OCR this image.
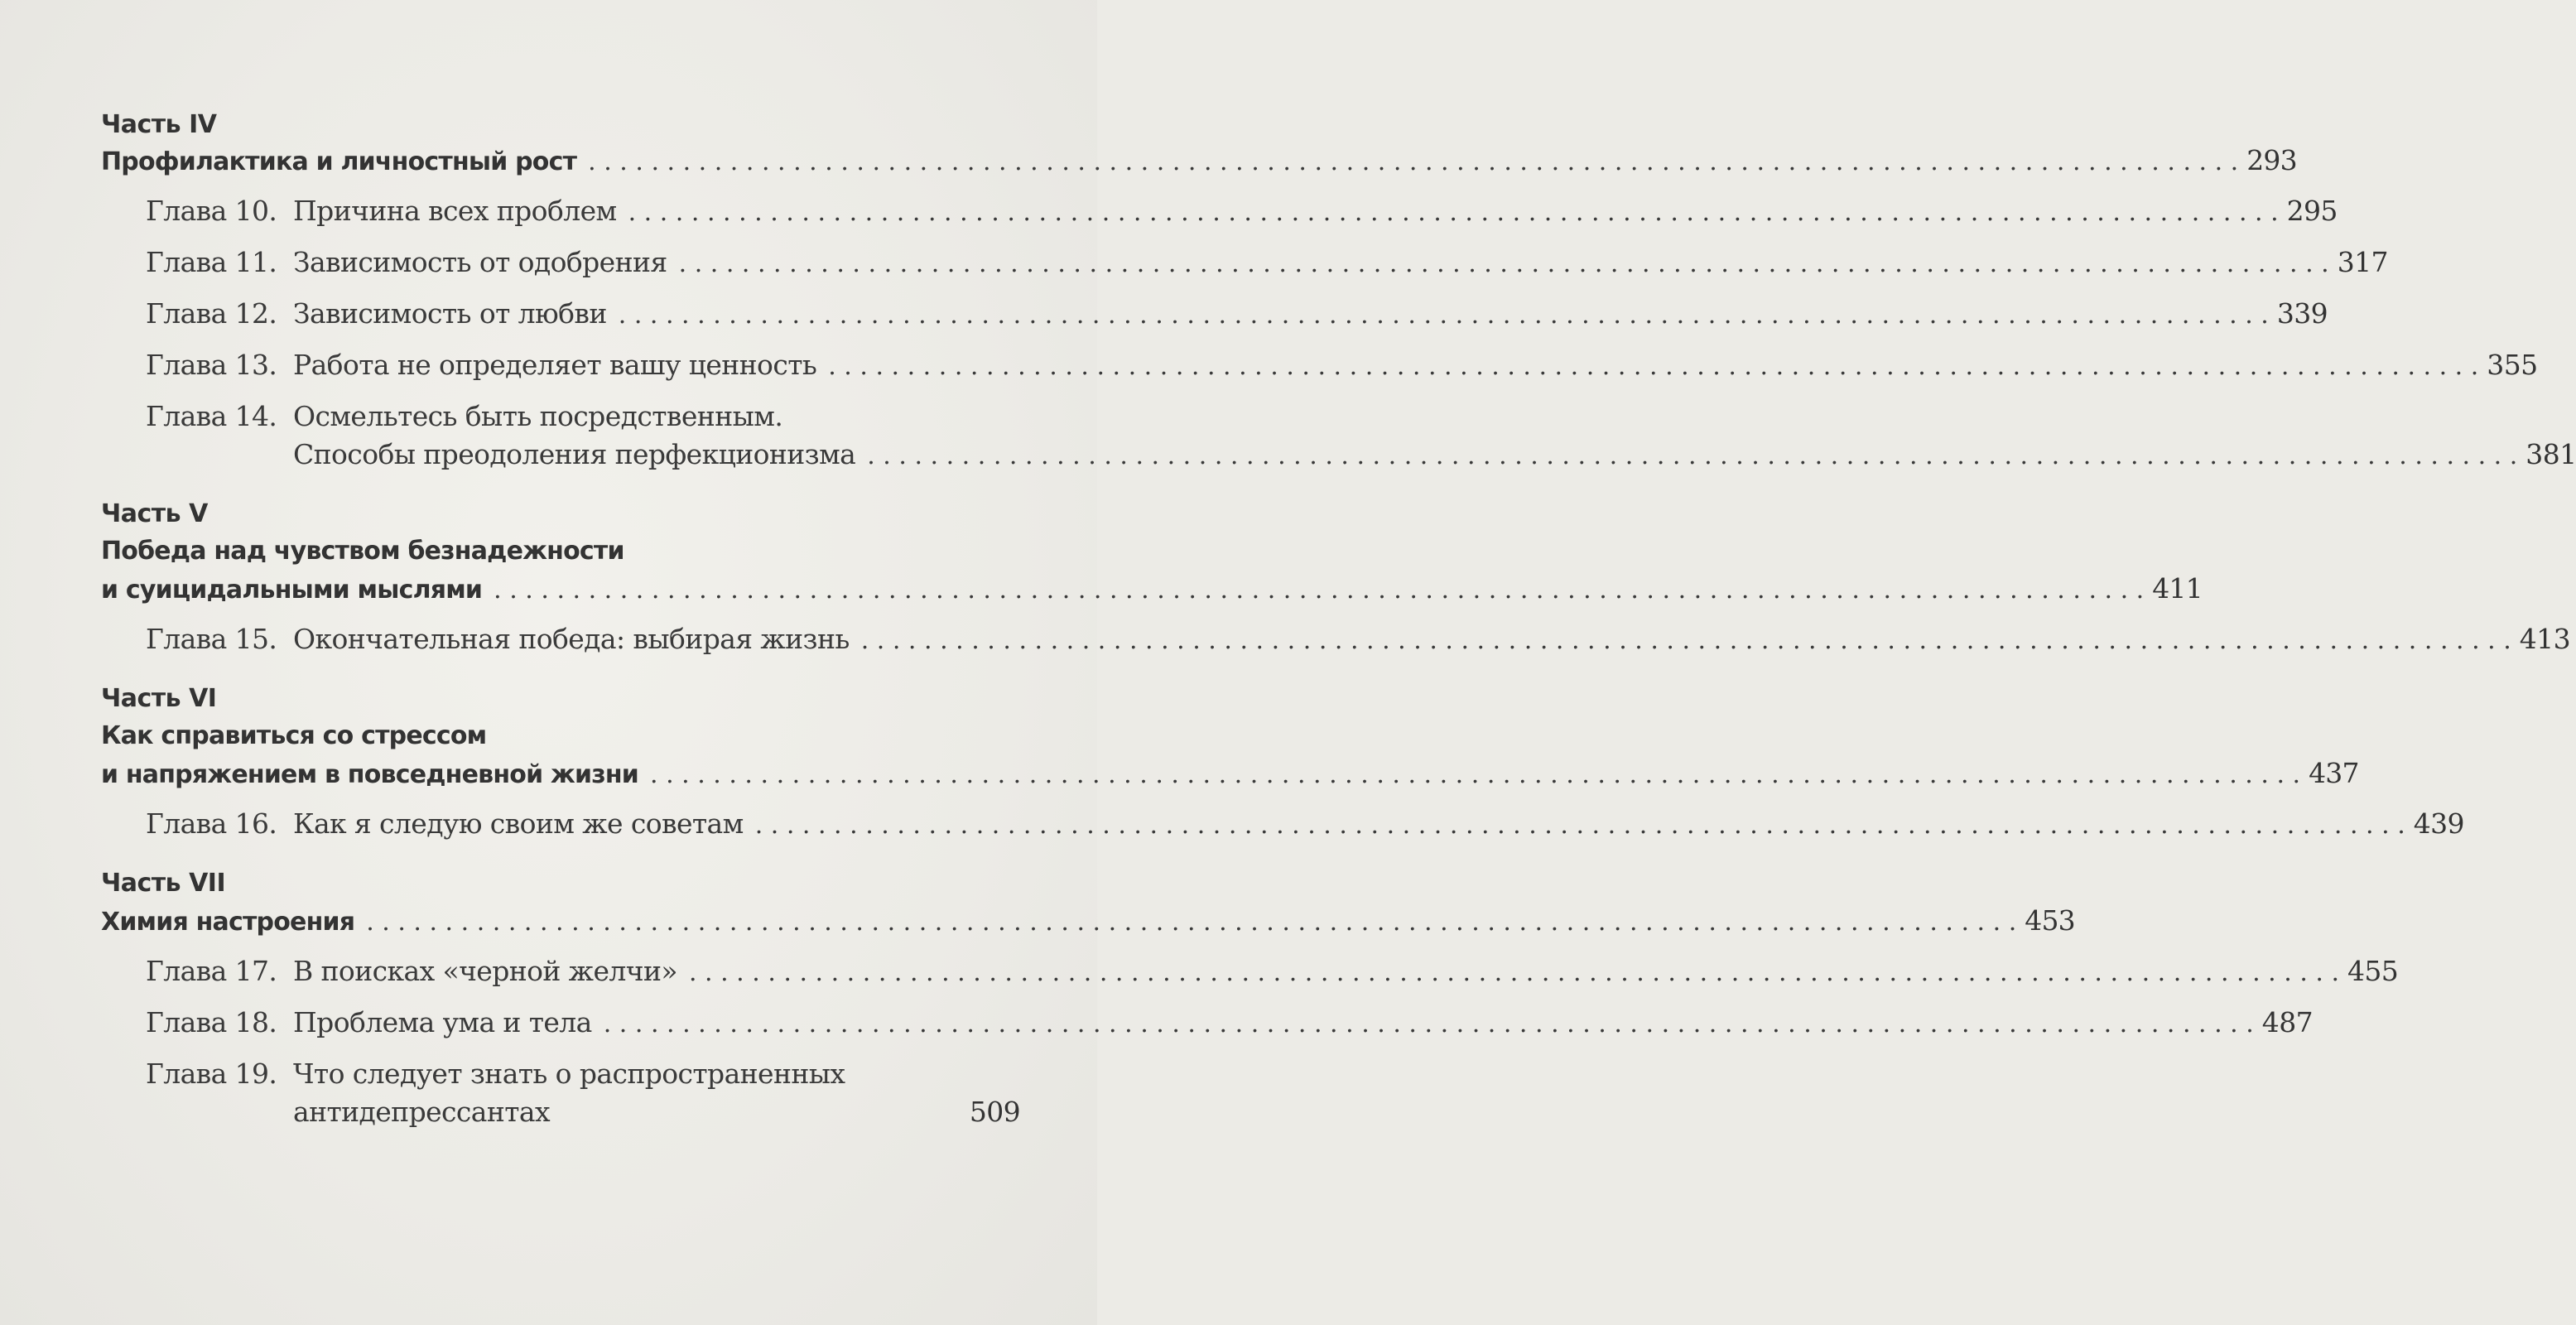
Часть IV
Профилактика и личностный рост . . .	293
Глава 10. Причина всех проблем . . .	295
Глава 11. Зависимость от одобрения . . .	317
Глава 12. Зависимость от любви . . .	339
Глава 13. Работа не определяет вашу ценность . . .	355
Глава 14. Осмельтесь быть посредственным.
Способы преодоления перфекционизма . . .	381
Часть V
Победа над чувством безнадежности
и суицидальными мыслями . . .	411
Глава 15. Окончательная победа: выбирая жизнь . . .	413
Часть VI
Как справиться со стрессом
и напряжением в повседневной жизни . . .	437
Глава 16. Как я следую своим же советам . . .	439
Часть VII
Химия настроения . . .	453
Глава 17. В поисках «черной желчи» . . .	455
Глава 18. Проблема ума и тела . . .	487
Глава 19. Что следует знать о распространенных
антидепрессантах	509
